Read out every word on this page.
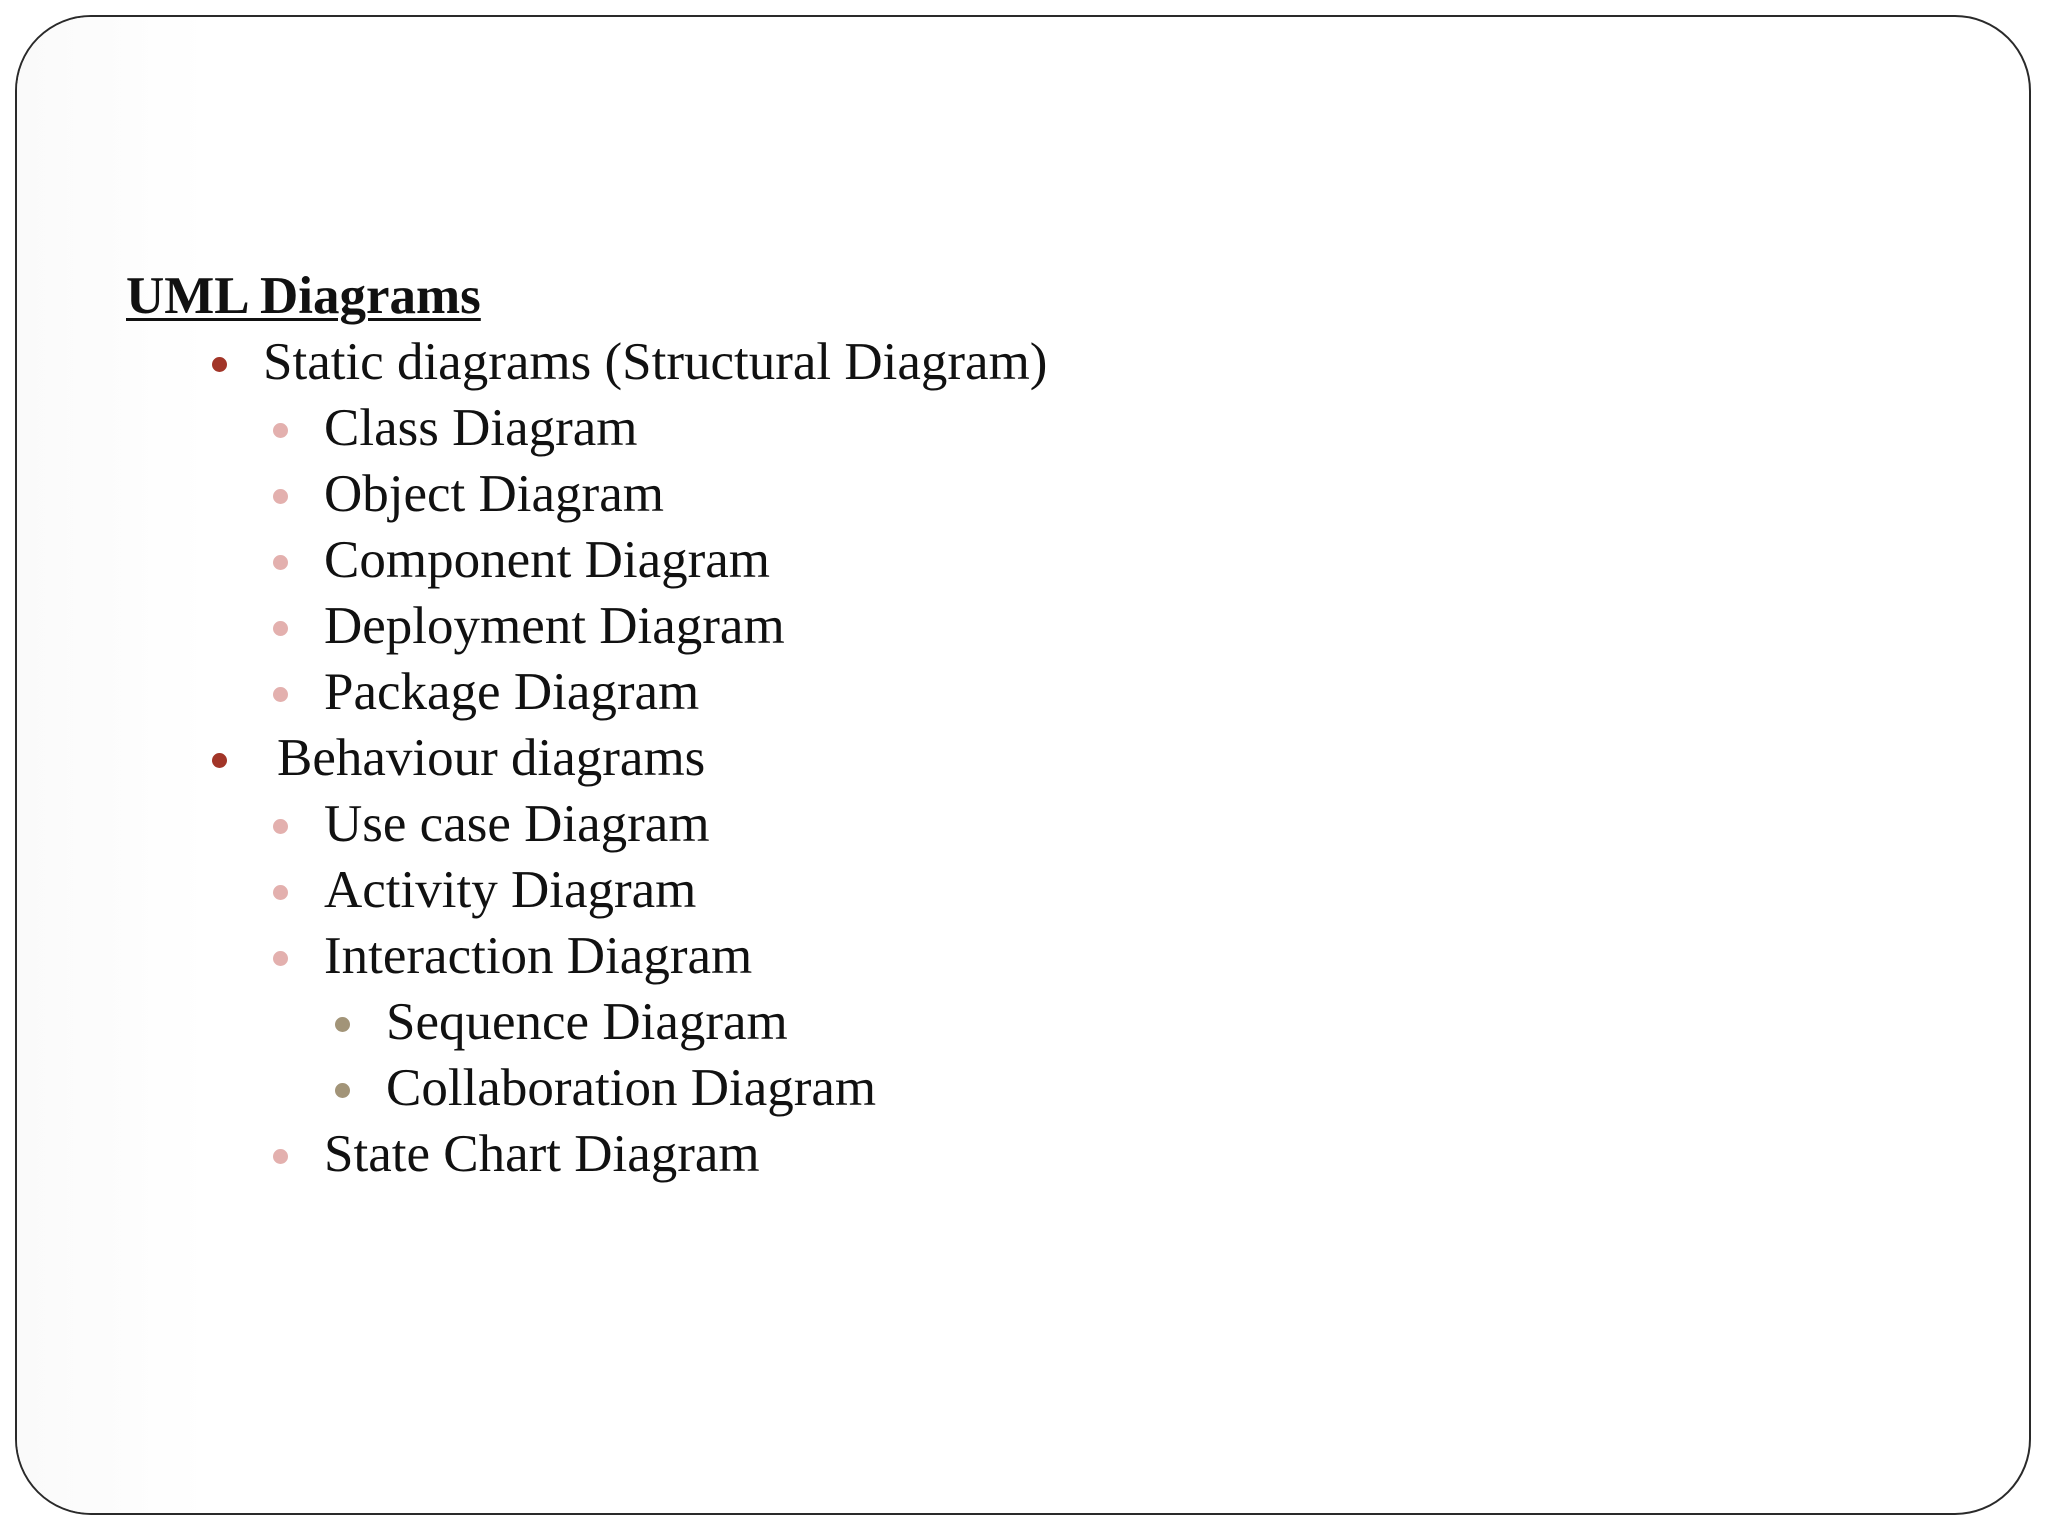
UML Diagrams
Static diagrams (Structural Diagram)
Class Diagram
Object Diagram
Component Diagram
Deployment Diagram
Package Diagram
Behaviour diagrams
Use case Diagram
Activity Diagram
Interaction Diagram
Sequence Diagram
Collaboration Diagram
State Chart Diagram
